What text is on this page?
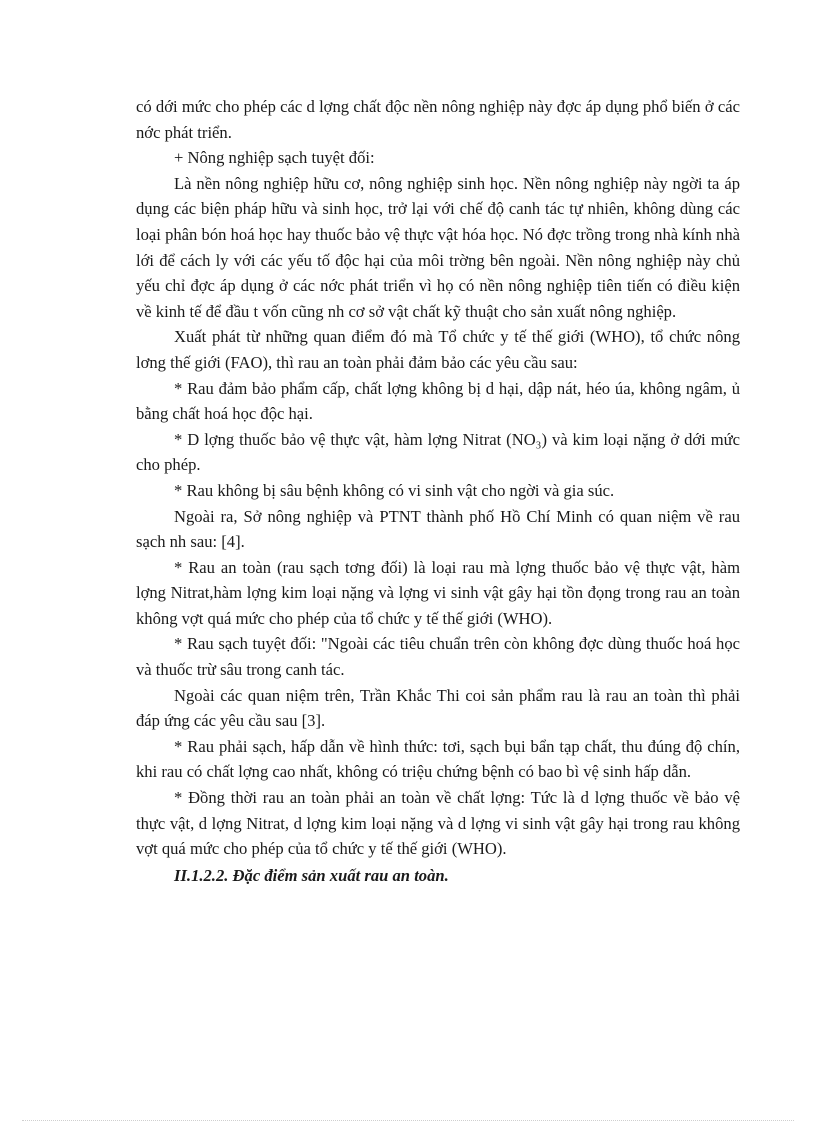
có dới mức cho phép các d lợng chất độc nền nông nghiệp này đợc áp dụng phổ biến ở các nớc phát triển.

+ Nông nghiệp sạch tuyệt đối:

Là nền nông nghiệp hữu cơ, nông nghiệp sinh học. Nền nông nghiệp này ngời ta áp dụng các biện pháp hữu và sinh học, trở lại với chế độ canh tác tự nhiên, không dùng các loại phân bón hoá học hay thuốc bảo vệ thực vật hóa học. Nó đợc trồng trong nhà kính nhà lới để cách ly với các yếu tố độc hại của môi trờng bên ngoài. Nền nông nghiệp này chủ yếu chỉ đợc áp dụng ở các nớc phát triển vì họ có nền nông nghiệp tiên tiến có điều kiện về kinh tế để đầu t vốn cũng nh cơ sở vật chất kỹ thuật cho sản xuất nông nghiệp.

Xuất phát từ những quan điểm đó mà Tổ chức y tế thế giới (WHO), tổ chức nông lơng thế giới (FAO), thì rau an toàn phải đảm bảo các yêu cầu sau:

* Rau đảm bảo phẩm cấp, chất lợng không bị d hại, dập nát, héo úa, không ngâm, ủ bằng chất hoá học độc hại.

* D lợng thuốc bảo vệ thực vật, hàm lợng Nitrat (NO₃) và kim loại nặng ở dới mức cho phép.

* Rau không bị sâu bệnh không có vi sinh vật cho ngời và gia súc.

Ngoài ra, Sở nông nghiệp và PTNT thành phố Hồ Chí Minh có quan niệm về rau sạch nh sau: [4].

* Rau an toàn (rau sạch tơng đối) là loại rau mà lợng thuốc bảo vệ thực vật, hàm lợng Nitrat,hàm lợng kim loại nặng và lợng vi sinh vật gây hại tồn đọng trong rau an toàn không vợt quá mức cho phép của tổ chức y tế thế giới (WHO).

* Rau sạch tuyệt đối: "Ngoài các tiêu chuẩn trên còn không đợc dùng thuốc hoá học và thuốc trừ sâu trong canh tác.

Ngoài các quan niệm trên, Trần Khắc Thi coi sản phẩm rau là rau an toàn thì phải đáp ứng các yêu cầu sau [3].

* Rau phải sạch, hấp dẫn về hình thức: tơi, sạch bụi bẩn tạp chất, thu đúng độ chín, khi rau có chất lợng cao nhất, không có triệu chứng bệnh có bao bì vệ sinh hấp dẫn.

* Đồng thời rau an toàn phải an toàn về chất lợng: Tức là d lợng thuốc về bảo vệ thực vật, d lợng Nitrat, d lợng kim loại nặng và d lợng vi sinh vật gây hại trong rau không vợt quá mức cho phép của tổ chức y tế thế giới (WHO).

II.1.2.2. Đặc điểm sản xuất rau an toàn.
